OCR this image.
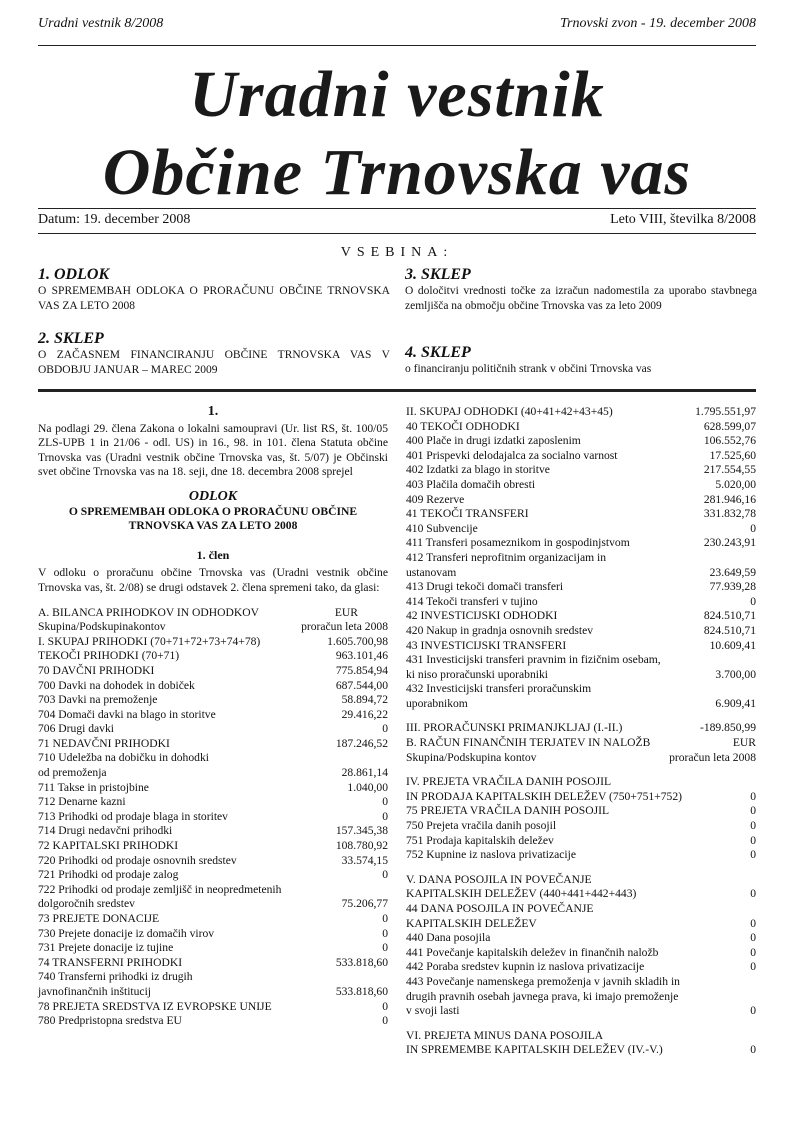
Uradni vestnik 8/2008	Trnovski zvon - 19. december 2008
Uradni vestnik
Občine Trnovska vas
Datum: 19. december 2008	Leto VIII, številka 8/2008
VSEBINA:
1. ODLOK
O SPREMEMBAH ODLOKA O PRORAČUNU OBČINE TRNOVSKA VAS ZA LETO 2008
2. SKLEP
O ZAČASNEM FINANCIRANJU OBČINE TRNOVSKA VAS V OBDOBJU JANUAR – MAREC 2009
3. SKLEP
O določitvi vrednosti točke za izračun nadomestila za uporabo stavbnega zemljišča na območju občine Trnovska vas za leto 2009
4. SKLEP
o financiranju političnih strank v občini Trnovska vas
1.
Na podlagi 29. člena Zakona o lokalni samoupravi (Ur. list RS, št. 100/05 ZLS-UPB 1 in 21/06 - odl. US) in 16., 98. in 101. člena Statuta občine Trnovska vas (Uradni vestnik občine Trnovska vas, št. 5/07) je Občinski svet občine Trnovska vas na 18. seji, dne 18. decembra 2008 sprejel
ODLOK
O SPREMEMBAH ODLOKA O PRORAČUNU OBČINE TRNOVSKA VAS ZA LETO 2008
1. člen
V odloku o proračunu občine Trnovska vas (Uradni vestnik občine Trnovska vas, št. 2/08) se drugi odstavek 2. člena spremeni tako, da glasi:
A. BILANCA PRIHODKOV IN ODHODKOV	EUR
Skupina/Podskupinakontov	proračun leta 2008
I. SKUPAJ PRIHODKI (70+71+72+73+74+78)	1.605.700,98
TEKOČI PRIHODKI (70+71)	963.101,46
70 DAVČNI PRIHODKI	775.854,94
700 Davki na dohodek in dobiček	687.544,00
703 Davki na premoženje	58.894,72
704 Domači davki na blago in storitve	29.416,22
706 Drugi davki	0
71 NEDAVČNI PRIHODKI	187.246,52
710 Udeležba na dobičku in dohodki
od premoženja	28.861,14
711 Takse in pristojbine	1.040,00
712 Denarne kazni	0
713 Prihodki od prodaje blaga in storitev	0
714 Drugi nedavčni prihodki	157.345,38
72 KAPITALSKI PRIHODKI	108.780,92
720 Prihodki od prodaje osnovnih sredstev	33.574,15
721 Prihodki od prodaje zalog	0
722 Prihodki od prodaje zemljišč in neopredmetenih
dolgoročnih sredstev	75.206,77
73 PREJETE DONACIJE	0
730 Prejete donacije iz domačih virov	0
731 Prejete donacije iz tujine	0
74 TRANSFERNI PRIHODKI	533.818,60
740 Transferni prihodki iz drugih
javnofinančnih inštitucij	533.818,60
78 PREJETA SREDSTVA IZ EVROPSKE UNIJE	0
780 Predpristopna sredstva EU	0
II. SKUPAJ ODHODKI (40+41+42+43+45)	1.795.551,97
40 TEKOČI ODHODKI	628.599,07
400 Plače in drugi izdatki zaposlenim	106.552,76
401 Prispevki delodajalca za socialno varnost	17.525,60
402 Izdatki za blago in storitve	217.554,55
403 Plačila domačih obresti	5.020,00
409 Rezerve	281.946,16
41 TEKOČI TRANSFERI	331.832,78
410 Subvencije	0
411 Transferi posameznikom in gospodinjstvom	230.243,91
412 Transferi neprofitnim organizacijam in
ustanovam	23.649,59
413 Drugi tekoči domači transferi	77.939,28
414 Tekoči transferi v tujino	0
42 INVESTICIJSKI ODHODKI	824.510,71
420 Nakup in gradnja osnovnih sredstev	824.510,71
43 INVESTICIJSKI TRANSFERI	10.609,41
431 Investicijski transferi pravnim in fizičnim osebam,
ki niso proračunski uporabniki	3.700,00
432 Investicijski transferi proračunskim
uporabnikom	6.909,41
III. PRORAČUNSKI PRIMANJKLJAJ (I.-II.)	-189.850,99
B. RAČUN FINANČNIH TERJATEV IN NALOŽB	EUR
Skupina/Podskupina kontov	proračun leta 2008
IV. PREJETA VRAČILA DANIH POSOJIL
IN PRODAJA KAPITALSKIH DELEŽEV (750+751+752)	0
75 PREJETA VRAČILA DANIH POSOJIL	0
750 Prejeta vračila danih posojil	0
751 Prodaja kapitalskih deležev	0
752 Kupnine iz naslova privatizacije	0
V. DANA POSOJILA IN POVEČANJE
KAPITALSKIH DELEŽEV (440+441+442+443)	0
44 DANA POSOJILA IN POVEČANJE
KAPITALSKIH DELEŽEV	0
440 Dana posojila	0
441 Povečanje kapitalskih deležev in finančnih naložb	0
442 Poraba sredstev kupnin iz naslova privatizacije	0
443 Povečanje namenskega premoženja v javnih skladih in
drugih pravnih osebah javnega prava, ki imajo premoženje
v svoji lasti	0
VI. PREJETA MINUS DANA POSOJILA
IN SPREMEMBE KAPITALSKIH DELEŽEV (IV.-V.)	0
